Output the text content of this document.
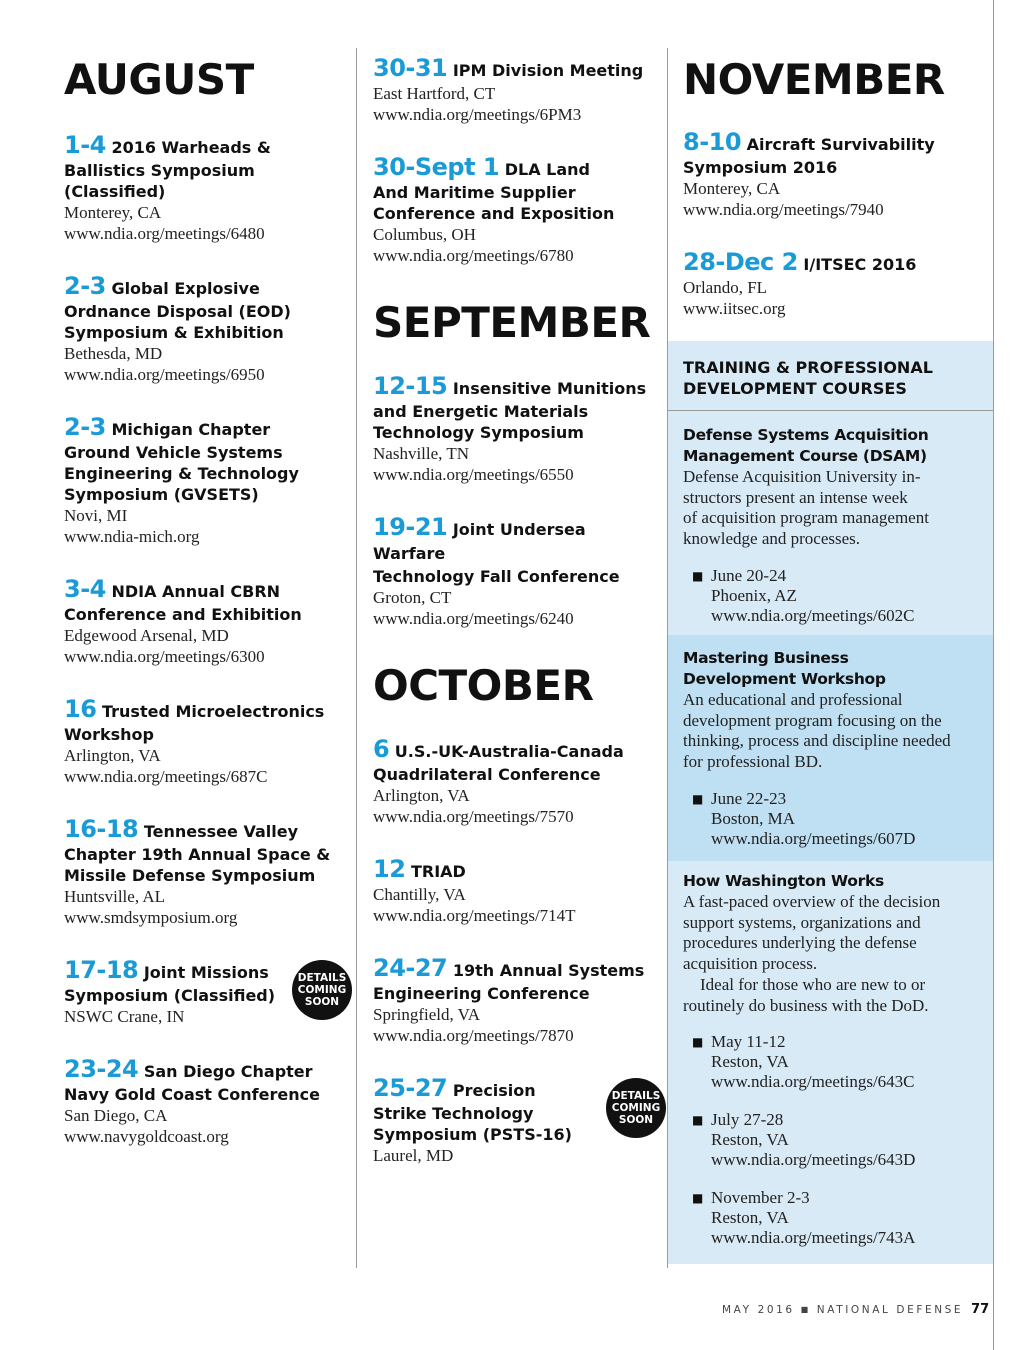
AUGUST
1-4 2016 Warheads &
Ballistics Symposium
(Classified)
Monterey, CA
www.ndia.org/meetings/6480
2-3 Global Explosive
Ordnance Disposal (EOD)
Symposium & Exhibition
Bethesda, MD
www.ndia.org/meetings/6950
2-3 Michigan Chapter
Ground Vehicle Systems
Engineering & Technology
Symposium (GVSETS)
Novi, MI
www.ndia-mich.org
3-4 NDIA Annual CBRN
Conference and Exhibition
Edgewood Arsenal, MD
www.ndia.org/meetings/6300
16 Trusted Microelectronics
Workshop
Arlington, VA
www.ndia.org/meetings/687C
16-18 Tennessee Valley
Chapter 19th Annual Space &
Missile Defense Symposium
Huntsville, AL
www.smdsymposium.org
17-18 Joint Missions
Symposium (Classified)
NSWC Crane, IN
DETAILS
COMING
SOON
23-24 San Diego Chapter
Navy Gold Coast Conference
San Diego, CA
www.navygoldcoast.org
30-31 IPM Division Meeting
East Hartford, CT
www.ndia.org/meetings/6PM3
30-Sept 1 DLA Land
And Maritime Supplier
Conference and Exposition
Columbus, OH
www.ndia.org/meetings/6780
SEPTEMBER
12-15 Insensitive Munitions
and Energetic Materials
Technology Symposium
Nashville, TN
www.ndia.org/meetings/6550
19-21 Joint Undersea Warfare
Technology Fall Conference
Groton, CT
www.ndia.org/meetings/6240
OCTOBER
6 U.S.-UK-Australia-Canada
Quadrilateral Conference
Arlington, VA
www.ndia.org/meetings/7570
12 TRIAD
Chantilly, VA
www.ndia.org/meetings/714T
24-27 19th Annual Systems
Engineering Conference
Springfield, VA
www.ndia.org/meetings/7870
25-27 Precision
Strike Technology
Symposium (PSTS-16)
Laurel, MD
DETAILS
COMING
SOON
NOVEMBER
8-10 Aircraft Survivability
Symposium 2016
Monterey, CA
www.ndia.org/meetings/7940
28-Dec 2 I/ITSEC 2016
Orlando, FL
www.iitsec.org
TRAINING & PROFESSIONAL
DEVELOPMENT COURSES
Defense Systems Acquisition
Management Course (DSAM)
Defense Acquisition University in-
structors present an intense week
of acquisition program management
knowledge and processes.
■ June 20-24
Phoenix, AZ
www.ndia.org/meetings/602C
Mastering Business
Development Workshop
An educational and professional
development program focusing on the
thinking, process and discipline needed
for professional BD.
■ June 22-23
Boston, MA
www.ndia.org/meetings/607D
How Washington Works
A fast-paced overview of the decision
support systems, organizations and
procedures underlying the defense
acquisition process.
Ideal for those who are new to or
routinely do business with the DoD.
■ May 11-12
Reston, VA
www.ndia.org/meetings/643C
■ July 27-28
Reston, VA
www.ndia.org/meetings/643D
■ November 2-3
Reston, VA
www.ndia.org/meetings/743A
MAY 2016 ■ NATIONAL DEFENSE 77
